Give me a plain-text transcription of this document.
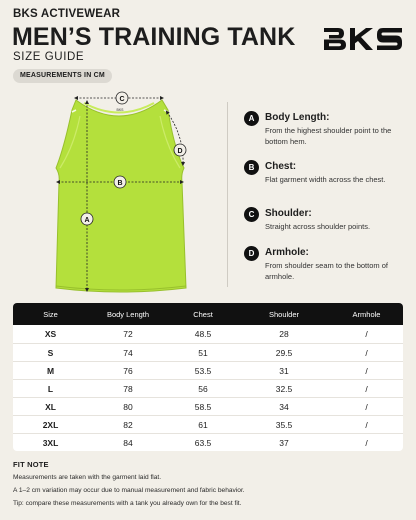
BKS ACTIVEWEAR
MEN’S TRAINING TANK
SIZE GUIDE
MEASUREMENTS IN CM
BKS
C
D
B
A
A	Body Length:
From the highest shoulder point to the bottom hem.
B	Chest:
Flat garment width across the chest.
C	Shoulder:
Straight across shoulder points.
D	Armhole:
From shoulder seam to the bottom of armhole.
Size	Body Length	Chest	Shoulder	Armhole
XS	72	48.5	28	/
S	74	51	29.5	/
M	76	53.5	31	/
L	78	56	32.5	/
XL	80	58.5	34	/
2XL	82	61	35.5	/
3XL	84	63.5	37	/
FIT NOTE
Measurements are taken with the garment laid flat.
A 1–2 cm variation may occur due to manual measurement and fabric behavior.
Tip: compare these measurements with a tank you already own for the best fit.
